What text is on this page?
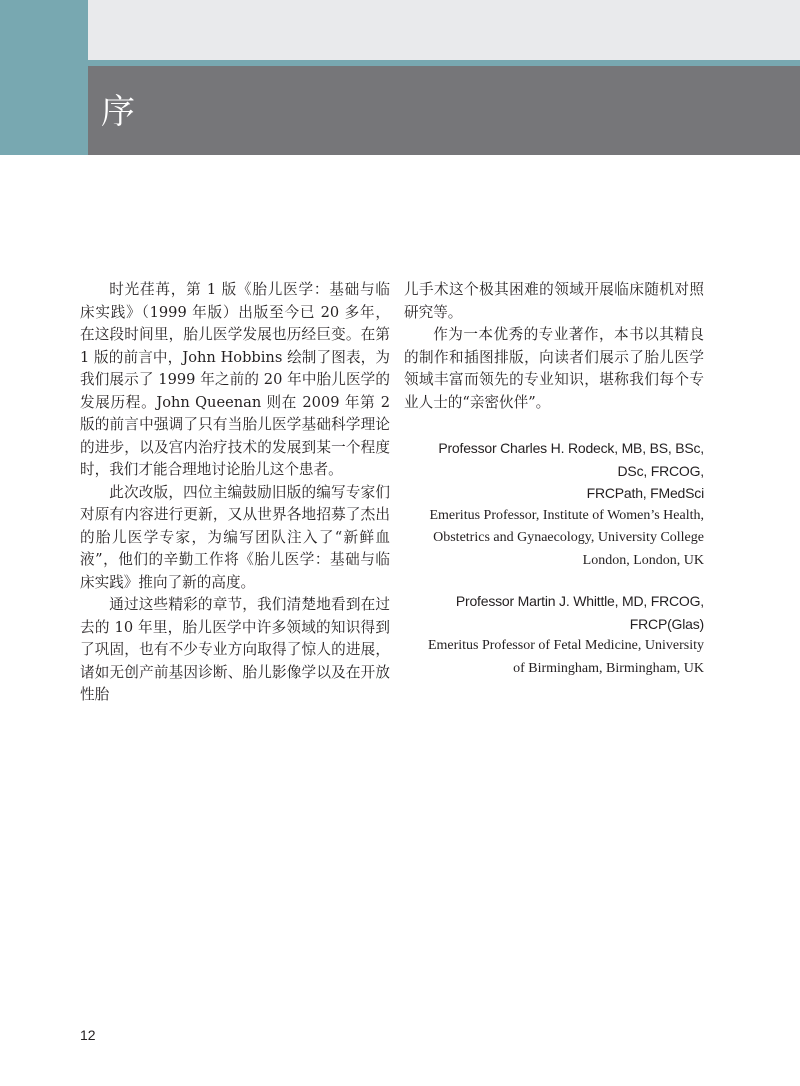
序

时光荏苒，第 1 版《胎儿医学：基础与临床实践》（1999 年版）出版至今已 20 多年，在这段时间里，胎儿医学发展也历经巨变。在第 1 版的前言中，John Hobbins 绘制了图表，为我们展示了 1999 年之前的 20 年中胎儿医学的发展历程。John Queenan 则在 2009 年第 2 版的前言中强调了只有当胎儿医学基础科学理论的进步，以及宫内治疗技术的发展到某一个程度时，我们才能合理地讨论胎儿这个患者。

此次改版，四位主编鼓励旧版的编写专家们对原有内容进行更新，又从世界各地招募了杰出的胎儿医学专家，为编写团队注入了“新鲜血液”，他们的辛勤工作将《胎儿医学：基础与临床实践》推向了新的高度。

通过这些精彩的章节，我们清楚地看到在过去的 10 年里，胎儿医学中许多领域的知识得到了巩固，也有不少专业方向取得了惊人的进展，诸如无创产前基因诊断、胎儿影像学以及在开放性胎

儿手术这个极其困难的领域开展临床随机对照研究等。

作为一本优秀的专业著作，本书以其精良的制作和插图排版，向读者们展示了胎儿医学领域丰富而领先的专业知识，堪称我们每个专业人士的“亲密伙伴”。

Professor Charles H. Rodeck, MB, BS, BSc,
DSc, FRCOG,
FRCPath, FMedSci
Emeritus Professor, Institute of Women’s Health,
Obstetrics and Gynaecology, University College
London, London, UK
Professor Martin J. Whittle, MD, FRCOG,
FRCP(Glas)
Emeritus Professor of Fetal Medicine, University
of Birmingham, Birmingham, UK
12
